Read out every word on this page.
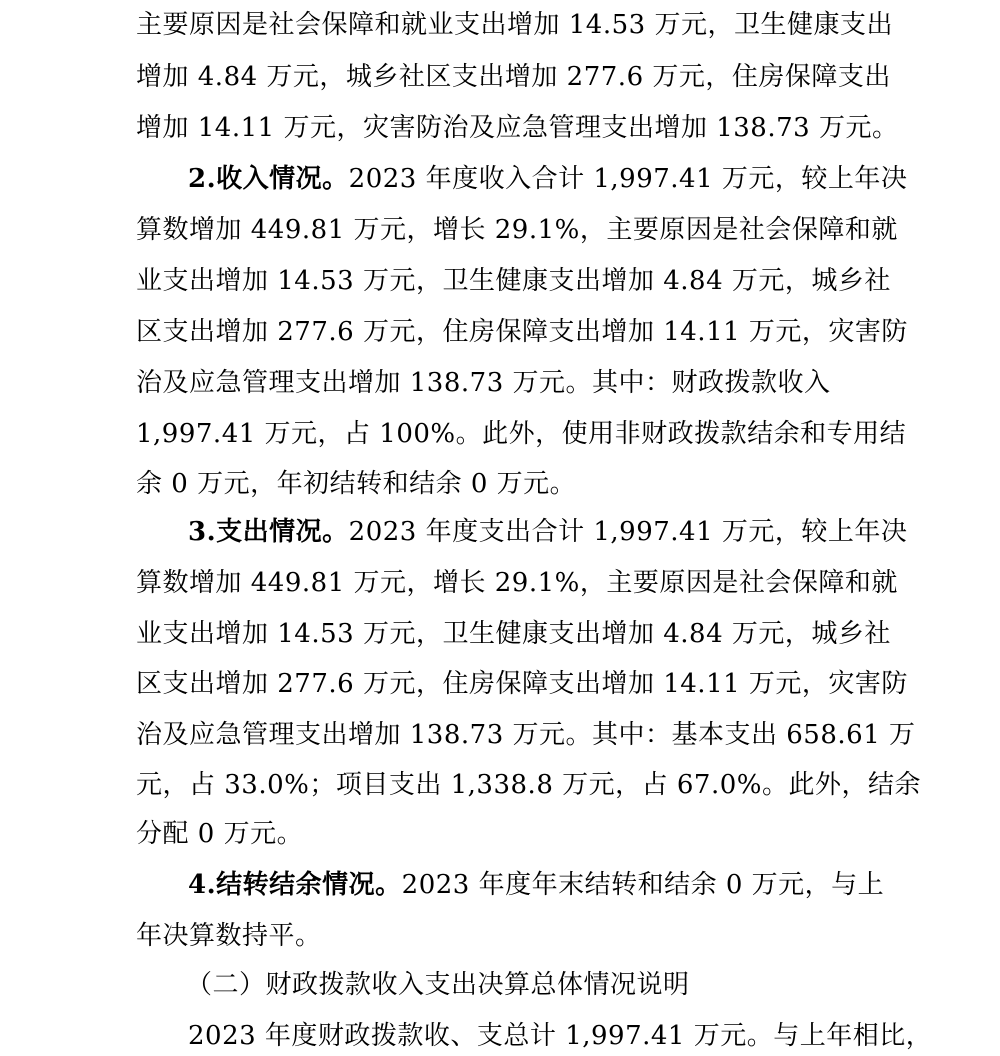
主要原因是社会保障和就业支出增加 14.53 万元，卫生健康支出
增加 4.84 万元，城乡社区支出增加 277.6 万元，住房保障支出
增加 14.11 万元，灾害防治及应急管理支出增加 138.73 万元。
2.收入情况。2023 年度收入合计 1,997.41 万元，较上年决
算数增加 449.81 万元，增长 29.1%，主要原因是社会保障和就
业支出增加 14.53 万元，卫生健康支出增加 4.84 万元，城乡社
区支出增加 277.6 万元，住房保障支出增加 14.11 万元，灾害防
治及应急管理支出增加 138.73 万元。其中：财政拨款收入
1,997.41 万元，占 100%。此外，使用非财政拨款结余和专用结
余 0 万元，年初结转和结余 0 万元。
3.支出情况。2023 年度支出合计 1,997.41 万元，较上年决
算数增加 449.81 万元，增长 29.1%，主要原因是社会保障和就
业支出增加 14.53 万元，卫生健康支出增加 4.84 万元，城乡社
区支出增加 277.6 万元，住房保障支出增加 14.11 万元，灾害防
治及应急管理支出增加 138.73 万元。其中：基本支出 658.61 万
元，占 33.0%；项目支出 1,338.8 万元，占 67.0%。此外，结余
分配 0 万元。
4.结转结余情况。2023 年度年末结转和结余 0 万元，与上
年决算数持平。
（二）财政拨款收入支出决算总体情况说明
2023 年度财政拨款收、支总计 1,997.41 万元。与上年相比，
